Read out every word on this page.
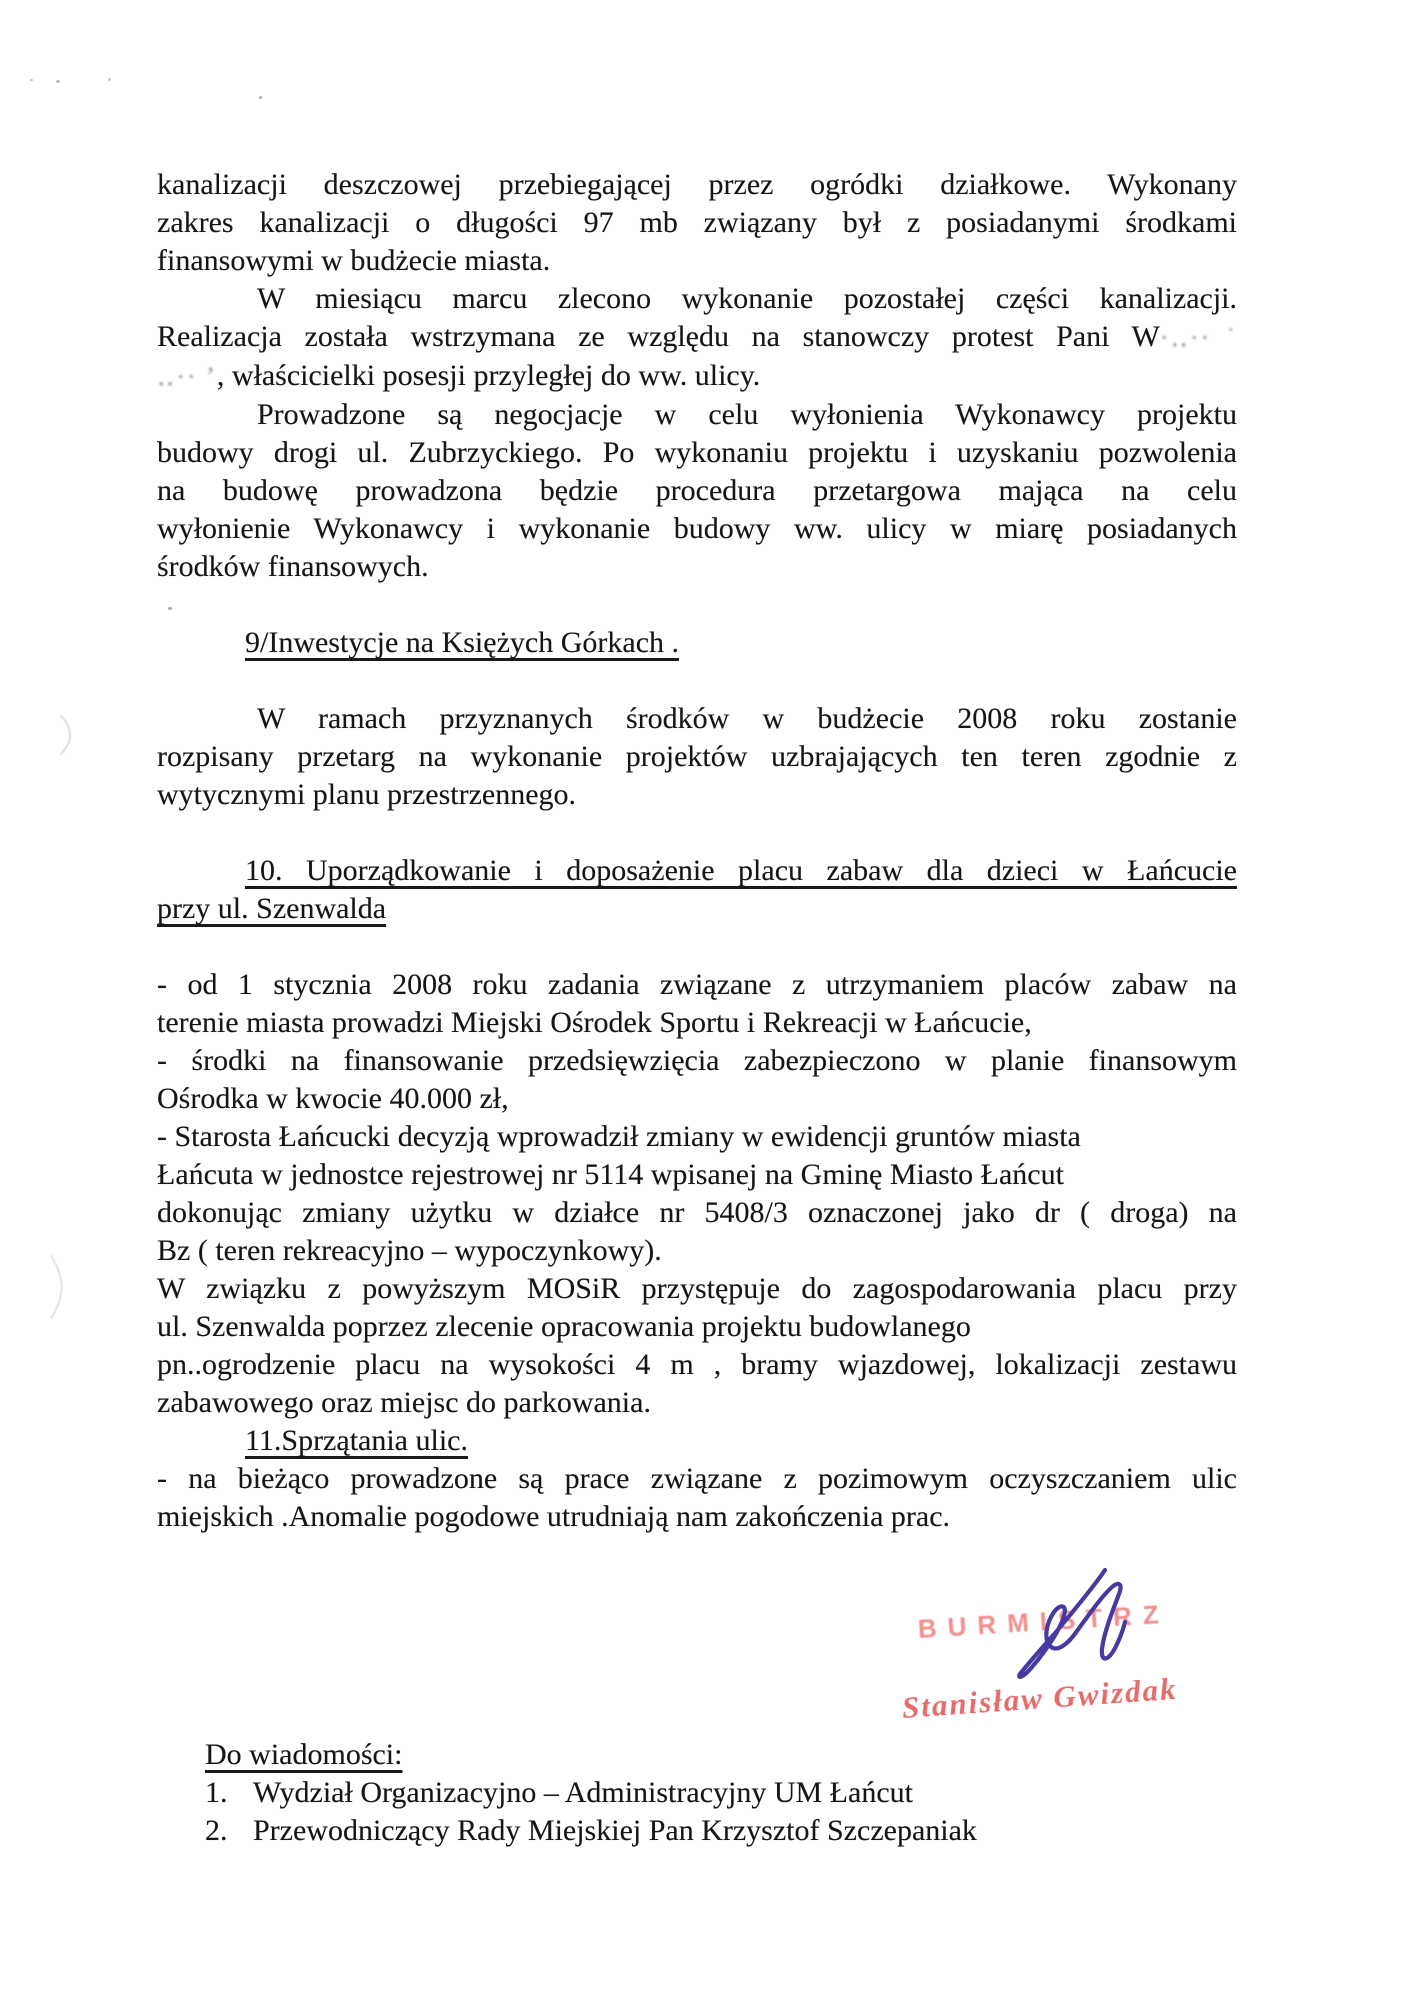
kanalizacji deszczowej przebiegającej przez ogródki działkowe. Wykonany
zakres kanalizacji o długości 97 mb związany był z posiadanymi środkami
finansowymi w budżecie miasta.
W miesiącu marcu zlecono wykonanie pozostałej części kanalizacji.
Realizacja została wstrzymana ze względu na stanowczy protest Pani W·‥··˙
‥·· ’, właścicielki posesji przyległej do ww. ulicy.
Prowadzone są negocjacje w celu wyłonienia Wykonawcy projektu
budowy drogi ul. Zubrzyckiego. Po wykonaniu projektu i uzyskaniu pozwolenia
na budowę prowadzona będzie procedura przetargowa mająca na celu
wyłonienie Wykonawcy i wykonanie budowy ww. ulicy w miarę posiadanych
środków finansowych.
9/Inwestycje na Księżych Górkach .
W ramach przyznanych środków w budżecie 2008 roku zostanie
rozpisany przetarg na wykonanie projektów uzbrajających ten teren zgodnie z
wytycznymi planu przestrzennego.
10. Uporządkowanie i doposażenie placu zabaw dla dzieci w Łańcucie
przy ul. Szenwalda
- od 1 stycznia 2008 roku zadania związane z utrzymaniem placów zabaw na
terenie miasta prowadzi Miejski Ośrodek Sportu i Rekreacji w Łańcucie,
- środki na finansowanie przedsięwzięcia zabezpieczono w planie finansowym
Ośrodka w kwocie 40.000 zł,
- Starosta Łańcucki decyzją wprowadził zmiany w ewidencji gruntów miasta
Łańcuta w jednostce rejestrowej nr 5114 wpisanej na Gminę Miasto Łańcut
dokonując zmiany użytku w działce nr 5408/3 oznaczonej jako dr ( droga) na
Bz ( teren rekreacyjno – wypoczynkowy).
W związku z powyższym MOSiR przystępuje do zagospodarowania placu przy
ul. Szenwalda poprzez zlecenie opracowania projektu budowlanego
pn..ogrodzenie placu na wysokości 4 m , bramy wjazdowej, lokalizacji zestawu
zabawowego oraz miejsc do parkowania.
11.Sprzątania ulic.
- na bieżąco prowadzone są prace związane z pozimowym oczyszczaniem ulic
miejskich .Anomalie pogodowe utrudniają nam zakończenia prac.
Do wiadomości:
1. Wydział Organizacyjno – Administracyjny UM Łańcut
2. Przewodniczący Rady Miejskiej Pan Krzysztof Szczepaniak
BURMISTRZ
Stanisław Gwizdak
